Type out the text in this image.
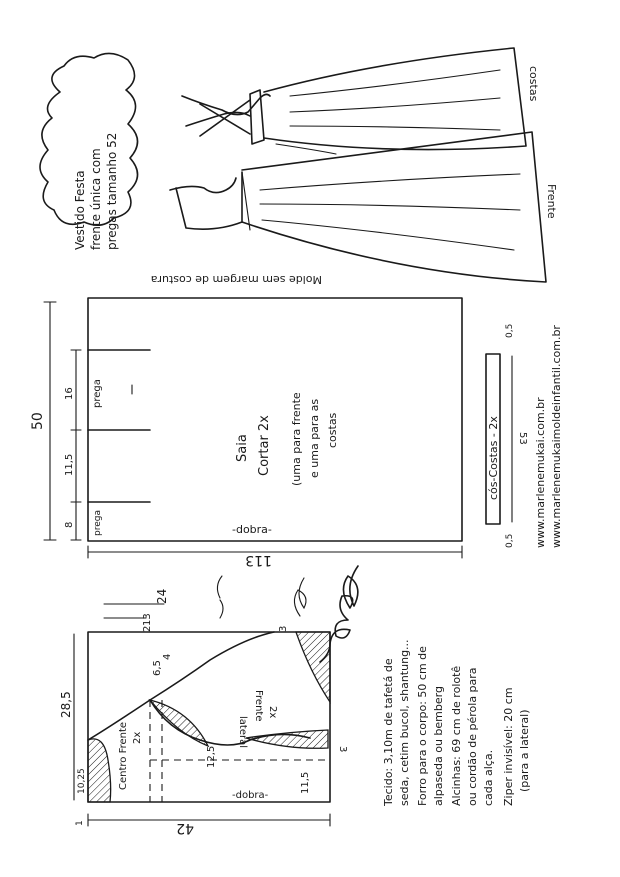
Vestido Festa frente única com pregas tamanho 52
costas
Frente
Molde sem margem de costura
prega
prega
Saia Cortar 2x (uma para frente e uma para as costas
-dobra-
50
16
11,5
8
113
cós-Costas - 2x 53
0,5
0,5 www.marlenemukai.com.br www.marlenemukaimoldeinfantil.com.br
Marlene Mukai
Centro Frente 2x	lateral
Frente 2x
-dobra-
28,5
10,25
24
13
2
6,5
4
12,5
3
3
11,5
42
1
Tecido: 3,10m de tafetá de seda, cetim bucol, shantung... Forro para o corpo: 50 cm de alpaseda ou bemberg Alcinhas: 69 cm de rolotê ou cordão de pérola para cada alça. Ziper invisível: 20 cm (para a lateral)
